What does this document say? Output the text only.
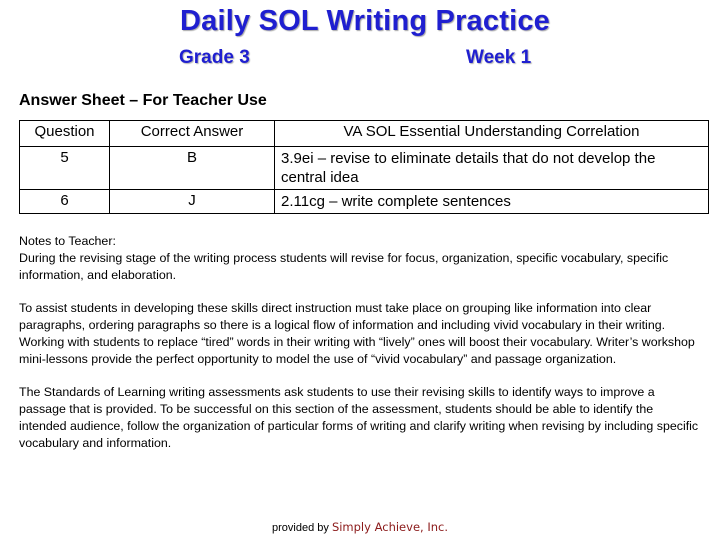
Daily SOL Writing Practice
Grade 3	Week 1
Answer Sheet – For Teacher Use
Question	Correct Answer	VA SOL Essential Understanding Correlation
5	B	3.9ei – revise to eliminate details that do not develop the central idea
6	J	2.11cg – write complete sentences

Notes to Teacher:
During the revising stage of the writing process students will revise for focus, organization, specific vocabulary, specific information, and elaboration.

To assist students in developing these skills direct instruction must take place on grouping like information into clear paragraphs, ordering paragraphs so there is a logical flow of information and including vivid vocabulary in their writing. Working with students to replace “tired” words in their writing with “lively” ones will boost their vocabulary. Writer’s workshop mini-lessons provide the perfect opportunity to model the use of “vivid vocabulary” and passage organization.

The Standards of Learning writing assessments ask students to use their revising skills to identify ways to improve a passage that is provided. To be successful on this section of the assessment, students should be able to identify the intended audience, follow the organization of particular forms of writing and clarify writing when revising by including specific vocabulary and information.

provided by Simply Achieve, Inc.
